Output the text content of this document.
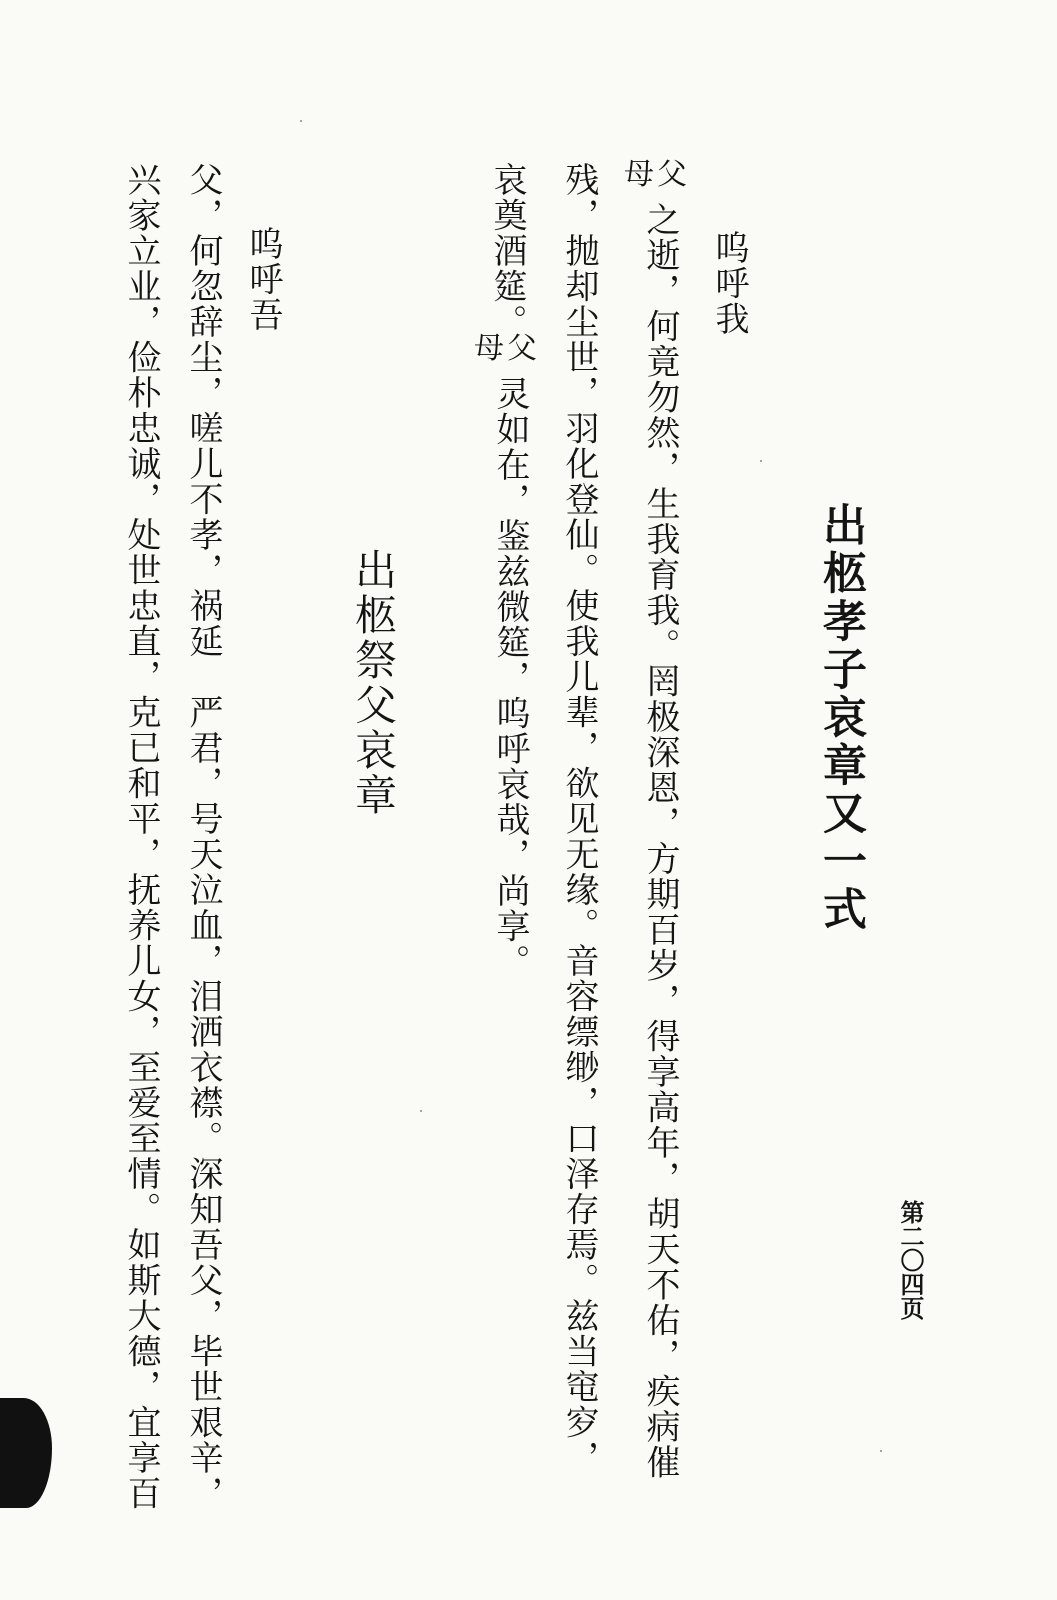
第二〇四页
出柩孝子哀章又一式
呜呼我
母父之逝，何竟勿然，生我育我。罔极深恩，方期百岁，得享高年，胡天不佑，疾病催
残，抛却尘世，羽化登仙。使我儿辈，欲见无缘。音容缥缈，口泽存焉。兹当窀穸，
哀奠酒筵。
母父灵如在，鉴兹微筵，呜呼哀哉，尚享。
出柩祭父哀章
呜呼吾
父，何忽辞尘，嗟儿不孝，祸延　严君，号天泣血，泪洒衣襟。深知吾父，毕世艰辛，
兴家立业，俭朴忠诚，处世忠直，克已和平，抚养儿女，至爱至情。如斯大德，宜享百
